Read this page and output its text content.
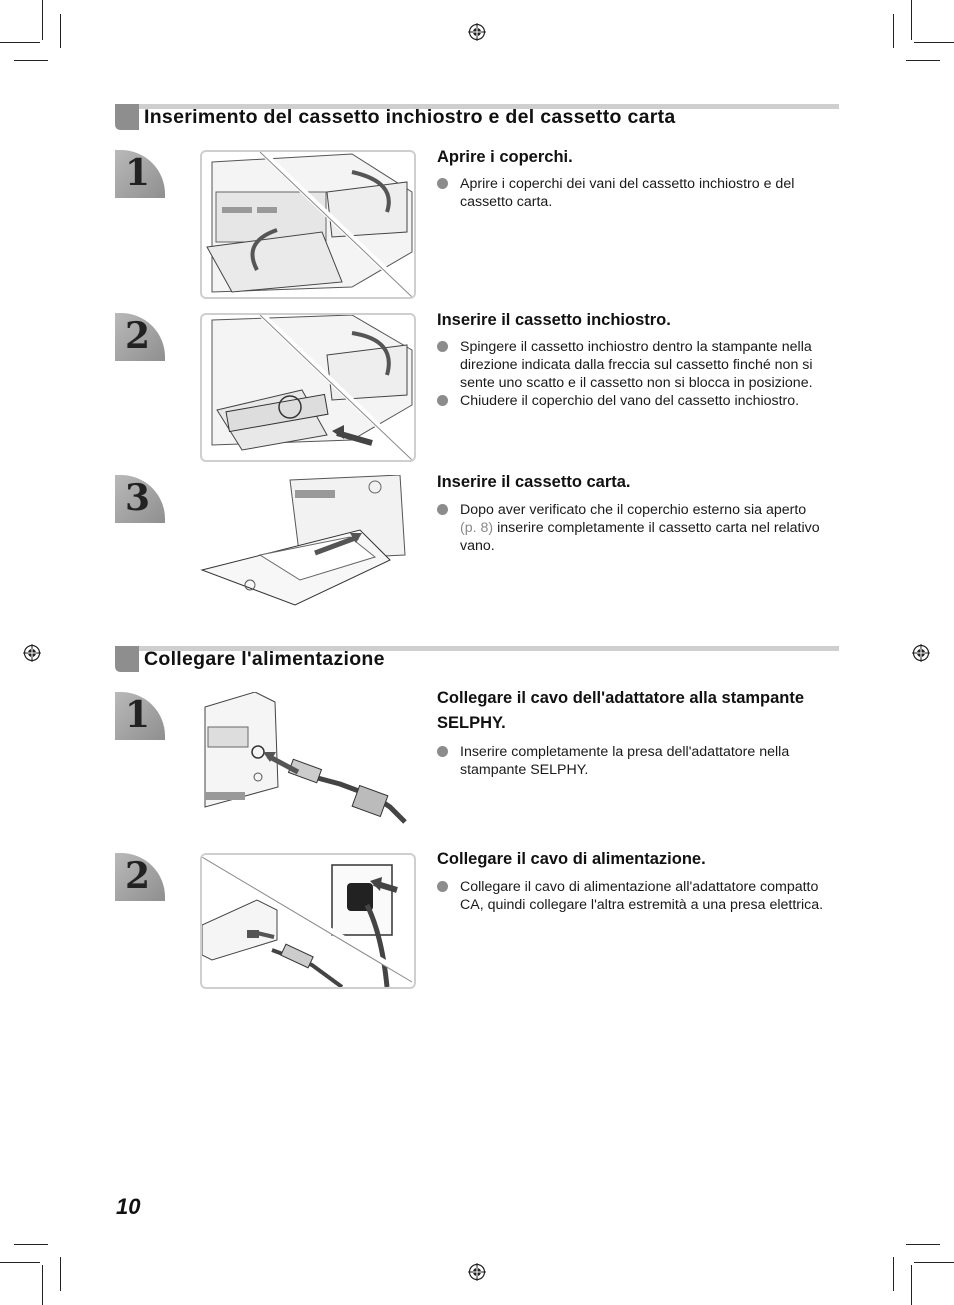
Inserimento del cassetto inchiostro e del cassetto carta
1	Aprire i coperchi.
Aprire i coperchi dei vani del cassetto inchiostro e del cassetto carta.
2	Inserire il cassetto inchiostro.
Spingere il cassetto inchiostro dentro la stampante nella direzione indicata dalla freccia sul cassetto finché non si sente uno scatto e il cassetto non si blocca in posizione.
Chiudere il coperchio del vano del cassetto inchiostro.
3	Inserire il cassetto carta.
Dopo aver verificato che il coperchio esterno sia aperto
(p. 8) inserire completamente il cassetto carta nel relativo vano.
Collegare l'alimentazione
1	Collegare il cavo dell'adattatore alla stampante SELPHY.
Inserire completamente la presa dell'adattatore nella stampante SELPHY.
2	Collegare il cavo di alimentazione.
Collegare il cavo di alimentazione all'adattatore compatto CA, quindi collegare l'altra estremità a una presa elettrica.
10
